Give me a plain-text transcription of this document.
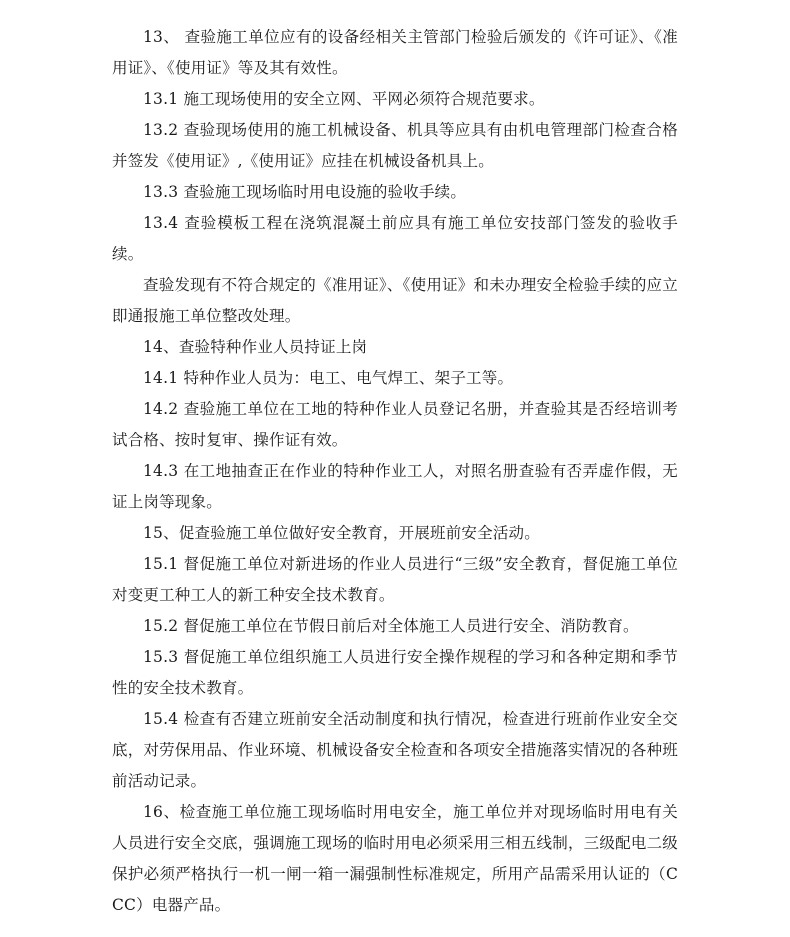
13、 查验施工单位应有的设备经相关主管部门检验后颁发的《许可证》、《准用证》、《使用证》等及其有效性。

13.1 施工现场使用的安全立网、平网必须符合规范要求。

13.2 查验现场使用的施工机械设备、机具等应具有由机电管理部门检查合格并签发《使用证》,《使用证》应挂在机械设备机具上。

13.3 查验施工现场临时用电设施的验收手续。

13.4 查验模板工程在浇筑混凝土前应具有施工单位安技部门签发的验收手续。

查验发现有不符合规定的《准用证》、《使用证》和未办理安全检验手续的应立即通报施工单位整改处理。

14、查验特种作业人员持证上岗

14.1 特种作业人员为：电工、电气焊工、架子工等。

14.2 查验施工单位在工地的特种作业人员登记名册，并查验其是否经培训考试合格、按时复审、操作证有效。

14.3 在工地抽查正在作业的特种作业工人，对照名册查验有否弄虚作假，无证上岗等现象。

15、促查验施工单位做好安全教育，开展班前安全活动。

15.1 督促施工单位对新进场的作业人员进行“三级”安全教育，督促施工单位对变更工种工人的新工种安全技术教育。

15.2 督促施工单位在节假日前后对全体施工人员进行安全、消防教育。

15.3 督促施工单位组织施工人员进行安全操作规程的学习和各种定期和季节性的安全技术教育。

15.4 检查有否建立班前安全活动制度和执行情况，检查进行班前作业安全交底，对劳保用品、作业环境、机械设备安全检查和各项安全措施落实情况的各种班前活动记录。

16、检查施工单位施工现场临时用电安全，施工单位并对现场临时用电有关人员进行安全交底，强调施工现场的临时用电必须采用三相五线制，三级配电二级保护必须严格执行一机一闸一箱一漏强制性标准规定，所用产品需采用认证的（CCC）电器产品。
